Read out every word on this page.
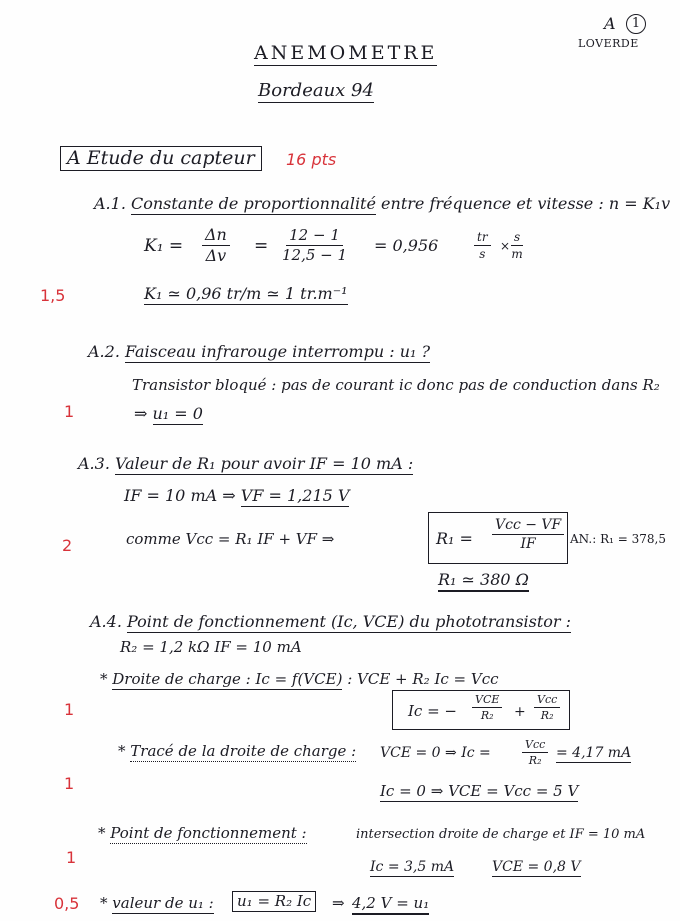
A	1
LOVERDE
ANEMOMETRE
Bordeaux 94
A Etude du capteur	16 pts
A.1. Constante de proportionnalité entre fréquence et vitesse : n = K₁v
$K_1 = \frac{\Delta n}{\Delta v} = \frac{12 - 1}{12,5 - 1} = 0,956$	$\frac{tr}{s} \times \frac{s}{m}$
1,5	K₁ ≃ 0,96 tr/m ≃ 1 tr.m⁻¹
A.2. Faisceau infrarouge interrompu : u₁ ?
Transistor bloqué : pas de courant ic donc pas de conduction dans R₂
1	⇒ u₁ = 0
A.3. Valeur de R₁ pour avoir IF = 10 mA :
IF = 10 mA ⇒ VF = 1,215 V
2	comme Vcc = R₁ IF + VF ⇒	R₁ =
Vcc − VF
IF	AN.: R₁ = 378,5
R₁ ≃ 380 Ω
A.4. Point de fonctionnement (Ic, VCE) du phototransistor :
R₂ = 1,2 kΩ IF = 10 mA
* Droite de charge : Ic = f(VCE) : VCE + R₂ Ic = Vcc
1	Ic = −
VCE
R₂ +
Vcc
R₂
* Tracé de la droite de charge : VCE = 0 ⇒ Ic =
Vcc
R₂ = 4,17 mA
1	Ic = 0 ⇒ VCE = Vcc = 5 V
* Point de fonctionnement :	intersection droite de charge et IF = 10 mA
1	Ic = 3,5 mA	VCE = 0,8 V
0,5 * valeur de u₁ :	u₁ = R₂ Ic	⇒ 4,2 V = u₁
